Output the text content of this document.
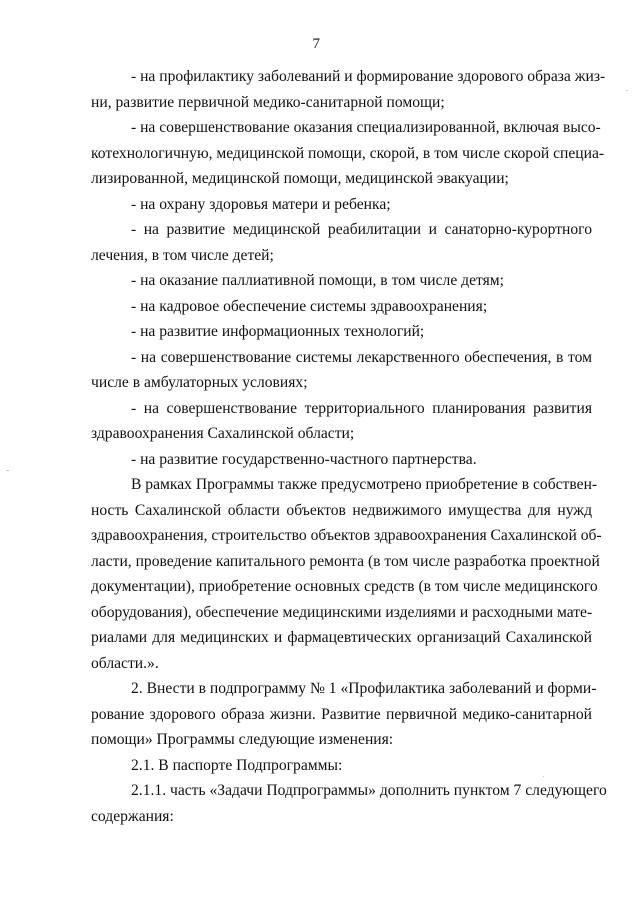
7
- на профилактику заболеваний и формирование здорового образа жиз-
ни, развитие первичной медико-санитарной помощи;
- на совершенствование оказания специализированной, включая высо-
котехнологичную, медицинской помощи, скорой, в том числе скорой специа-
лизированной, медицинской помощи, медицинской эвакуации;
- на охрану здоровья матери и ребенка;
- на развитие медицинской реабилитации и санаторно-курортного
лечения, в том числе детей;
- на оказание паллиативной помощи, в том числе детям;
- на кадровое обеспечение системы здравоохранения;
- на развитие информационных технологий;
- на совершенствование системы лекарственного обеспечения, в том
числе в амбулаторных условиях;
- на совершенствование территориального планирования развития
здравоохранения Сахалинской области;
- на развитие государственно-частного партнерства.
В рамках Программы также предусмотрено приобретение в собствен-
ность Сахалинской области объектов недвижимого имущества для нужд
здравоохранения, строительство объектов здравоохранения Сахалинской об-
ласти, проведение капитального ремонта (в том числе разработка проектной
документации), приобретение основных средств (в том числе медицинского
оборудования), обеспечение медицинскими изделиями и расходными мате-
риалами для медицинских и фармацевтических организаций Сахалинской
области.».
2. Внести в подпрограмму № 1 «Профилактика заболеваний и форми-
рование здорового образа жизни. Развитие первичной медико-санитарной
помощи» Программы следующие изменения:
2.1. В паспорте Подпрограммы:
2.1.1. часть «Задачи Подпрограммы» дополнить пунктом 7 следующего
содержания:
